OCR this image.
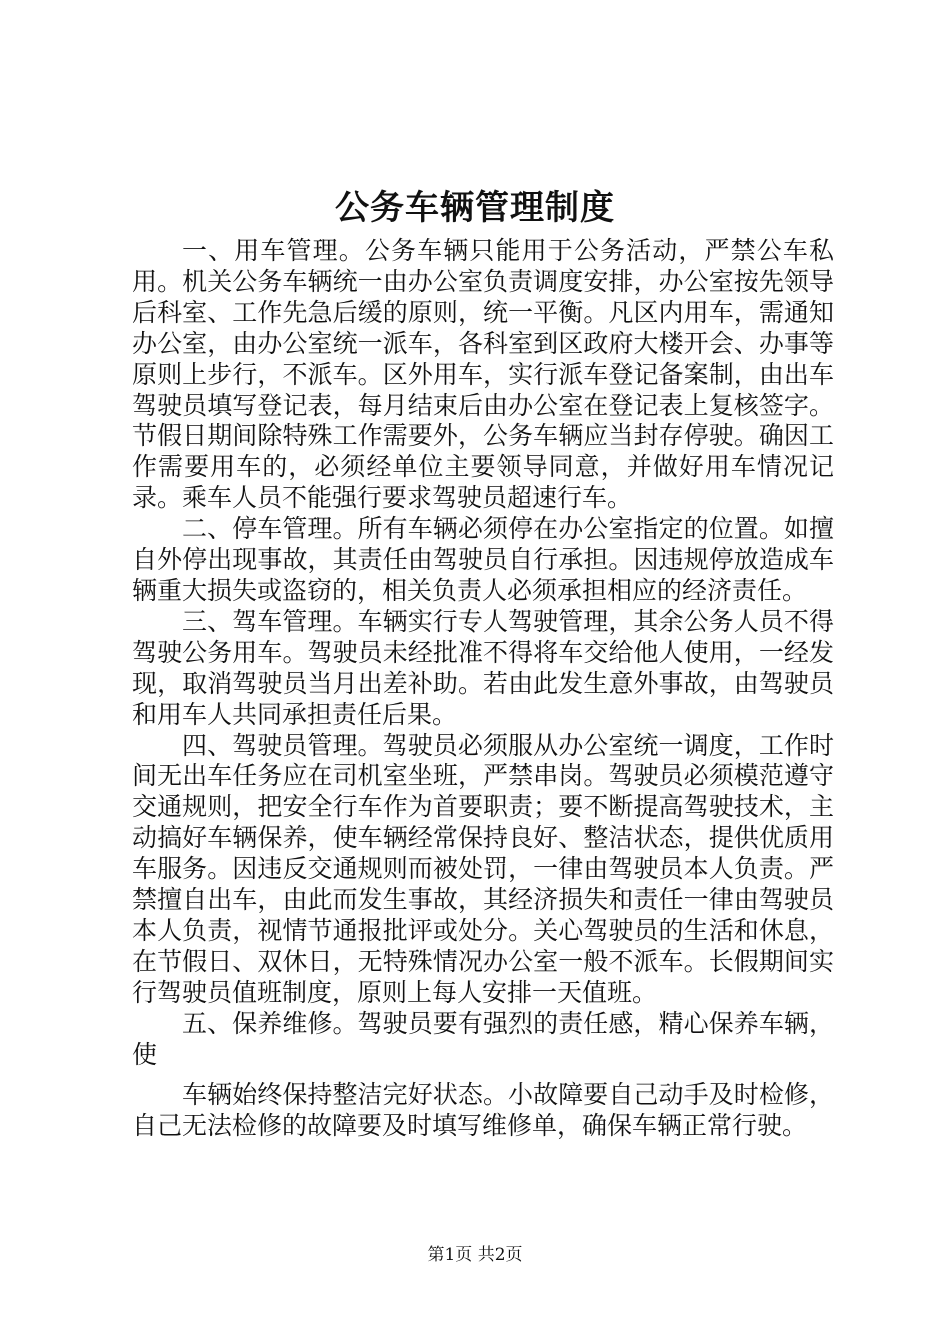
公务车辆管理制度

一、用车管理。公务车辆只能用于公务活动，严禁公车私用。机关公务车辆统一由办公室负责调度安排，办公室按先领导后科室、工作先急后缓的原则，统一平衡。凡区内用车，需通知办公室，由办公室统一派车，各科室到区政府大楼开会、办事等原则上步行，不派车。区外用车，实行派车登记备案制，由出车驾驶员填写登记表，每月结束后由办公室在登记表上复核签字。节假日期间除特殊工作需要外，公务车辆应当封存停驶。确因工作需要用车的，必须经单位主要领导同意，并做好用车情况记录。乘车人员不能强行要求驾驶员超速行车。

二、停车管理。所有车辆必须停在办公室指定的位置。如擅自外停出现事故，其责任由驾驶员自行承担。因违规停放造成车辆重大损失或盗窃的，相关负责人必须承担相应的经济责任。

三、驾车管理。车辆实行专人驾驶管理，其余公务人员不得驾驶公务用车。驾驶员未经批准不得将车交给他人使用，一经发现，取消驾驶员当月出差补助。若由此发生意外事故，由驾驶员和用车人共同承担责任后果。

四、驾驶员管理。驾驶员必须服从办公室统一调度，工作时间无出车任务应在司机室坐班，严禁串岗。驾驶员必须模范遵守交通规则，把安全行车作为首要职责；要不断提高驾驶技术，主动搞好车辆保养，使车辆经常保持良好、整洁状态，提供优质用车服务。因违反交通规则而被处罚，一律由驾驶员本人负责。严禁擅自出车，由此而发生事故，其经济损失和责任一律由驾驶员本人负责，视情节通报批评或处分。关心驾驶员的生活和休息，在节假日、双休日，无特殊情况办公室一般不派车。长假期间实行驾驶员值班制度，原则上每人安排一天值班。

五、保养维修。驾驶员要有强烈的责任感，精心保养车辆，使

车辆始终保持整洁完好状态。小故障要自己动手及时检修，自己无法检修的故障要及时填写维修单，确保车辆正常行驶。

第1页 共2页
